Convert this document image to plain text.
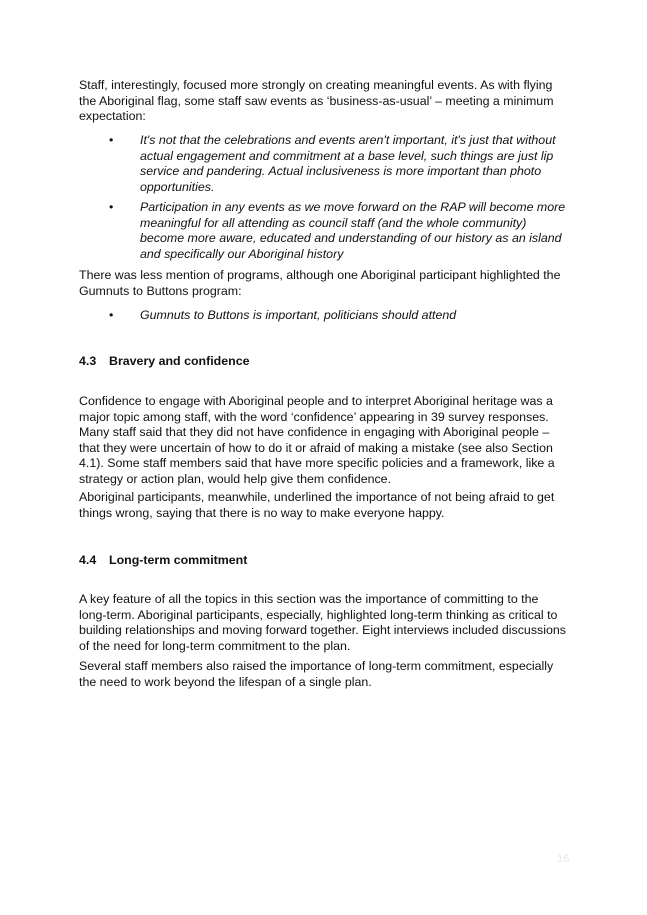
Staff, interestingly, focused more strongly on creating meaningful events. As with flying the Aboriginal flag, some staff saw events as ‘business-as-usual’ – meeting a minimum expectation:

•	It's not that the celebrations and events aren't important, it's just that without actual engagement and commitment at a base level, such things are just lip service and pandering. Actual inclusiveness is more important than photo opportunities.

•	Participation in any events as we move forward on the RAP will become more meaningful for all attending as council staff (and the whole community) become more aware, educated and understanding of our history as an island and specifically our Aboriginal history

There was less mention of programs, although one Aboriginal participant highlighted the Gumnuts to Buttons program:

•	Gumnuts to Buttons is important, politicians should attend

4.3 Bravery and confidence

Confidence to engage with Aboriginal people and to interpret Aboriginal heritage was a major topic among staff, with the word ‘confidence’ appearing in 39 survey responses. Many staff said that they did not have confidence in engaging with Aboriginal people – that they were uncertain of how to do it or afraid of making a mistake (see also Section 4.1). Some staff members said that have more specific policies and a framework, like a strategy or action plan, would help give them confidence.

Aboriginal participants, meanwhile, underlined the importance of not being afraid to get things wrong, saying that there is no way to make everyone happy.

4.4 Long-term commitment

A key feature of all the topics in this section was the importance of committing to the long-term. Aboriginal participants, especially, highlighted long-term thinking as critical to building relationships and moving forward together. Eight interviews included discussions of the need for long-term commitment to the plan.

Several staff members also raised the importance of long-term commitment, especially the need to work beyond the lifespan of a single plan.

16
